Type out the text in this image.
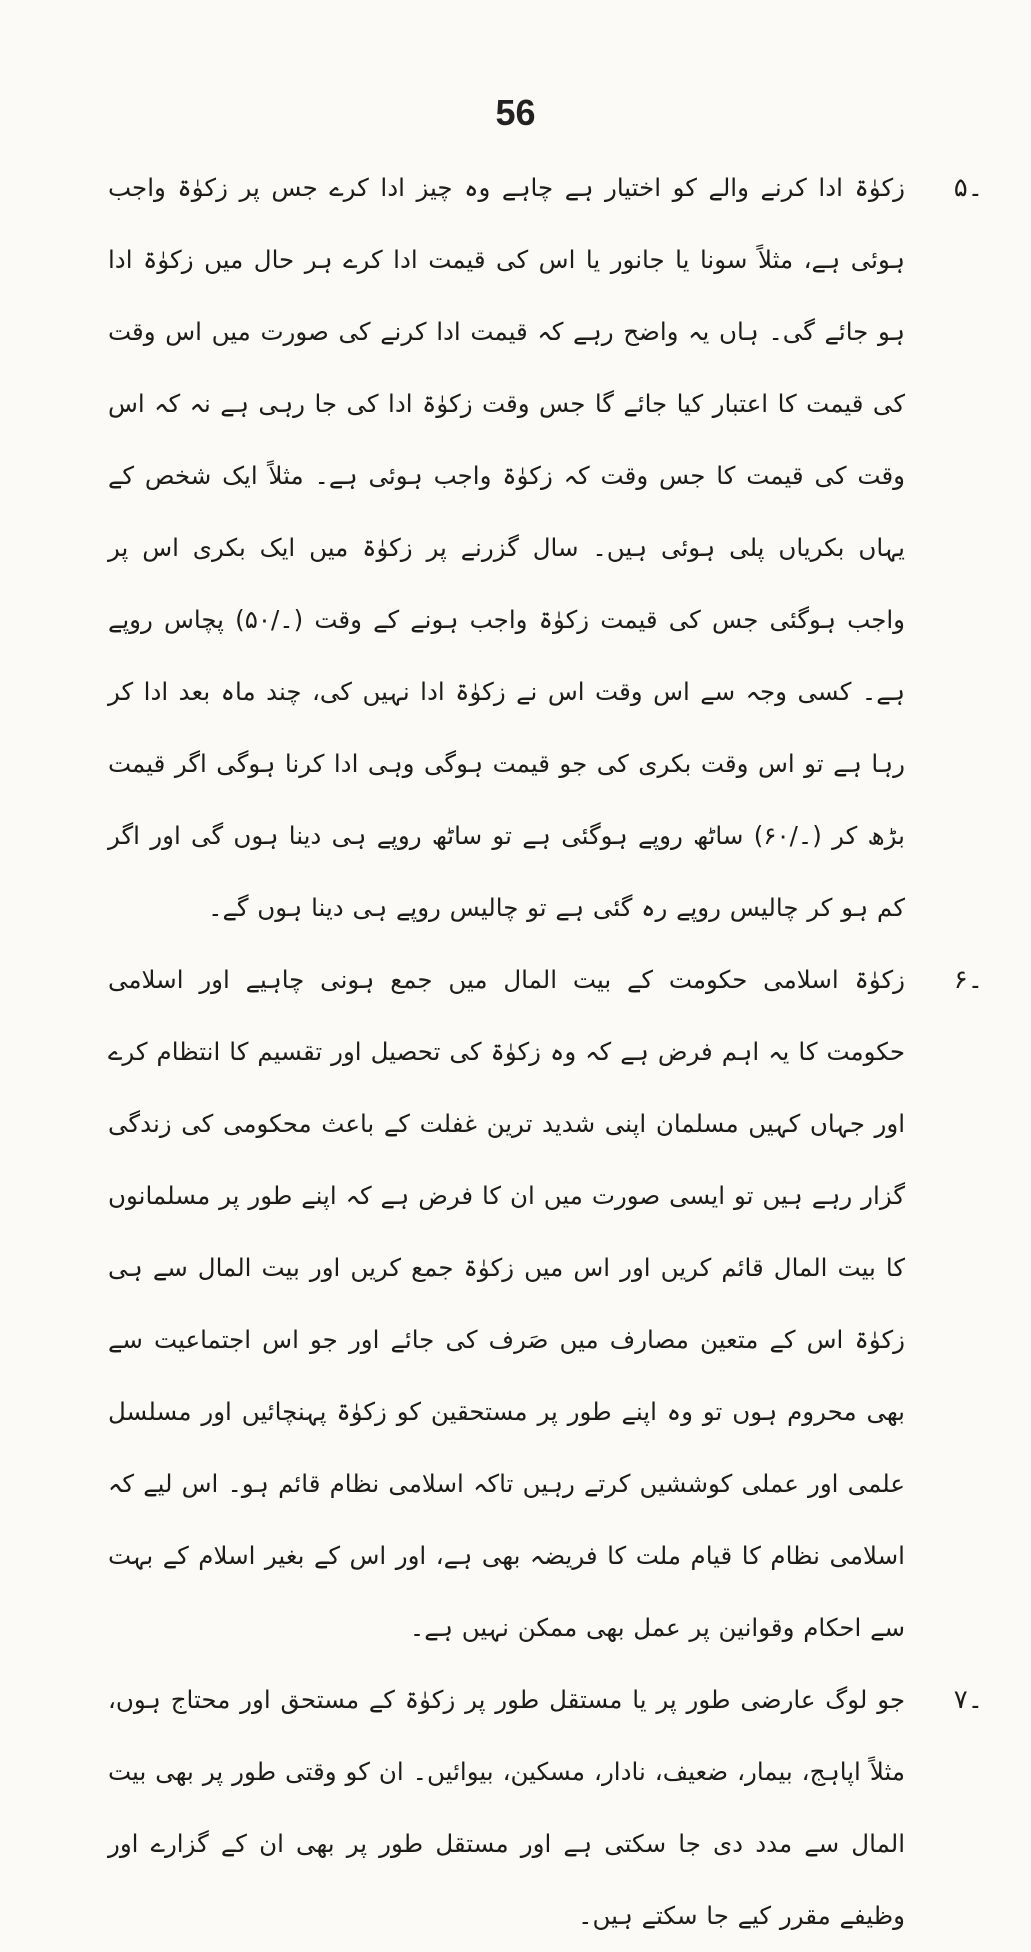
56
۵۔
زکوٰۃ ادا کرنے والے کو اختیار ہے چاہے وہ چیز ادا کرے جس پر زکوٰۃ واجب ہوئی ہے، مثلاً سونا یا جانور یا اس کی قیمت ادا کرے ہر حال میں زکوٰۃ ادا ہو جائے گی۔ ہاں یہ واضح رہے کہ قیمت ادا کرنے کی صورت میں اس وقت کی قیمت کا اعتبار کیا جائے گا جس وقت زکوٰۃ ادا کی جا رہی ہے نہ کہ اس وقت کی قیمت کا جس وقت کہ زکوٰۃ واجب ہوئی ہے۔ مثلاً ایک شخص کے یہاں بکریاں پلی ہوئی ہیں۔ سال گزرنے پر زکوٰۃ میں ایک بکری اس پر واجب ہوگئی جس کی قیمت زکوٰۃ واجب ہونے کے وقت (۔/۵۰) پچاس روپے ہے۔ کسی وجہ سے اس وقت اس نے زکوٰۃ ادا نہیں کی، چند ماہ بعد ادا کر رہا ہے تو اس وقت بکری کی جو قیمت ہوگی وہی ادا کرنا ہوگی اگر قیمت بڑھ کر (۔/۶۰) ساٹھ روپے ہوگئی ہے تو ساٹھ روپے ہی دینا ہوں گی اور اگر کم ہو کر چالیس روپے رہ گئی ہے تو چالیس روپے ہی دینا ہوں گے۔
۶۔
زکوٰۃ اسلامی حکومت کے بیت المال میں جمع ہونی چاہیے اور اسلامی حکومت کا یہ اہم فرض ہے کہ وہ زکوٰۃ کی تحصیل اور تقسیم کا انتظام کرے اور جہاں کہیں مسلمان اپنی شدید ترین غفلت کے باعث محکومی کی زندگی گزار رہے ہیں تو ایسی صورت میں ان کا فرض ہے کہ اپنے طور پر مسلمانوں کا بیت المال قائم کریں اور اس میں زکوٰۃ جمع کریں اور بیت المال سے ہی زکوٰۃ اس کے متعین مصارف میں صَرف کی جائے اور جو اس اجتماعیت سے بھی محروم ہوں تو وہ اپنے طور پر مستحقین کو زکوٰۃ پہنچائیں اور مسلسل علمی اور عملی کوششیں کرتے رہیں تاکہ اسلامی نظام قائم ہو۔ اس لیے کہ اسلامی نظام کا قیام ملت کا فریضہ بھی ہے، اور اس کے بغیر اسلام کے بہت سے احکام وقوانین پر عمل بھی ممکن نہیں ہے۔
۷۔
جو لوگ عارضی طور پر یا مستقل طور پر زکوٰۃ کے مستحق اور محتاج ہوں، مثلاً اپاہج، بیمار، ضعیف، نادار، مسکین، بیوائیں۔ ان کو وقتی طور پر بھی بیت المال سے مدد دی جا سکتی ہے اور مستقل طور پر بھی ان کے گزارے اور وظیفے مقرر کیے جا سکتے ہیں۔
